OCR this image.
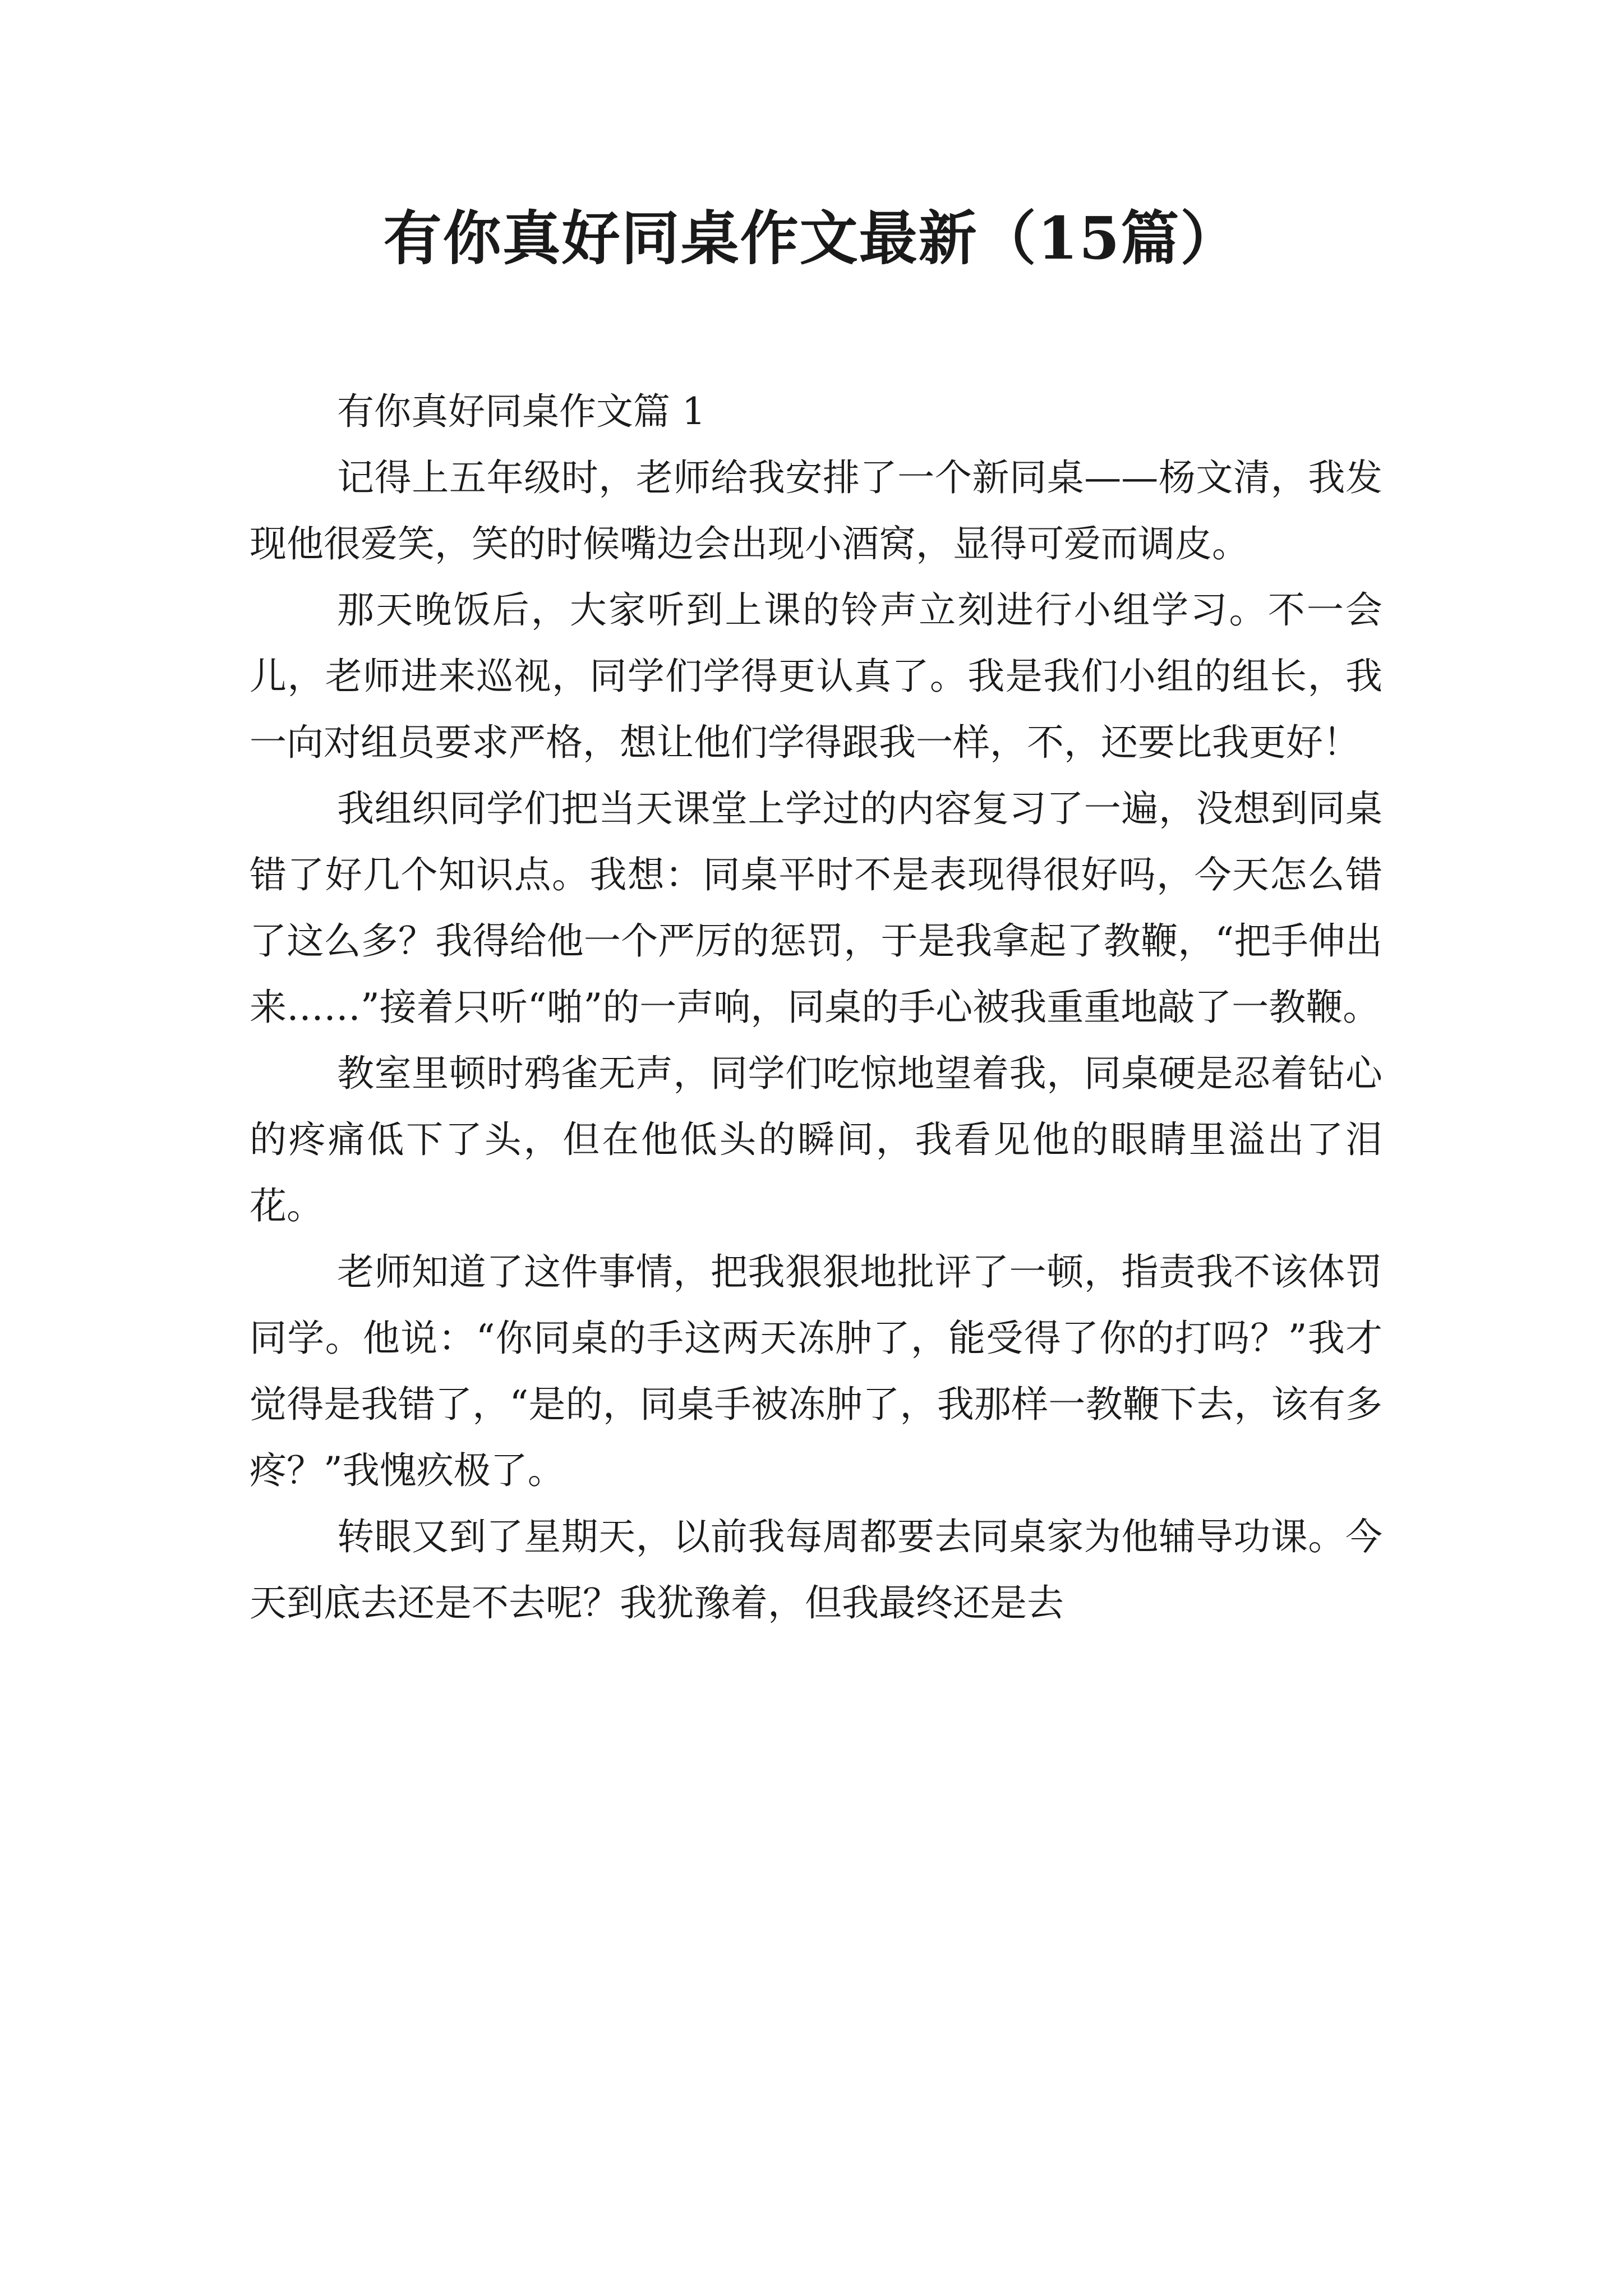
有你真好同桌作文最新（15篇）

有你真好同桌作文篇 1

记得上五年级时，老师给我安排了一个新同桌——杨文清，我发现他很爱笑，笑的时候嘴边会出现小酒窝，显得可爱而调皮。

那天晚饭后，大家听到上课的铃声立刻进行小组学习。不一会儿，老师进来巡视，同学们学得更认真了。我是我们小组的组长，我一向对组员要求严格，想让他们学得跟我一样，不，还要比我更好！

我组织同学们把当天课堂上学过的内容复习了一遍，没想到同桌错了好几个知识点。我想：同桌平时不是表现得很好吗，今天怎么错了这么多？我得给他一个严厉的惩罚，于是我拿起了教鞭，“把手伸出来……”接着只听“啪”的一声响，同桌的手心被我重重地敲了一教鞭。

教室里顿时鸦雀无声，同学们吃惊地望着我，同桌硬是忍着钻心的疼痛低下了头，但在他低头的瞬间，我看见他的眼睛里溢出了泪花。

老师知道了这件事情，把我狠狠地批评了一顿，指责我不该体罚同学。他说：“你同桌的手这两天冻肿了，能受得了你的打吗？”我才觉得是我错了，“是的，同桌手被冻肿了，我那样一教鞭下去，该有多疼？”我愧疚极了。

转眼又到了星期天，以前我每周都要去同桌家为他辅导功课。今天到底去还是不去呢？我犹豫着，但我最终还是去
